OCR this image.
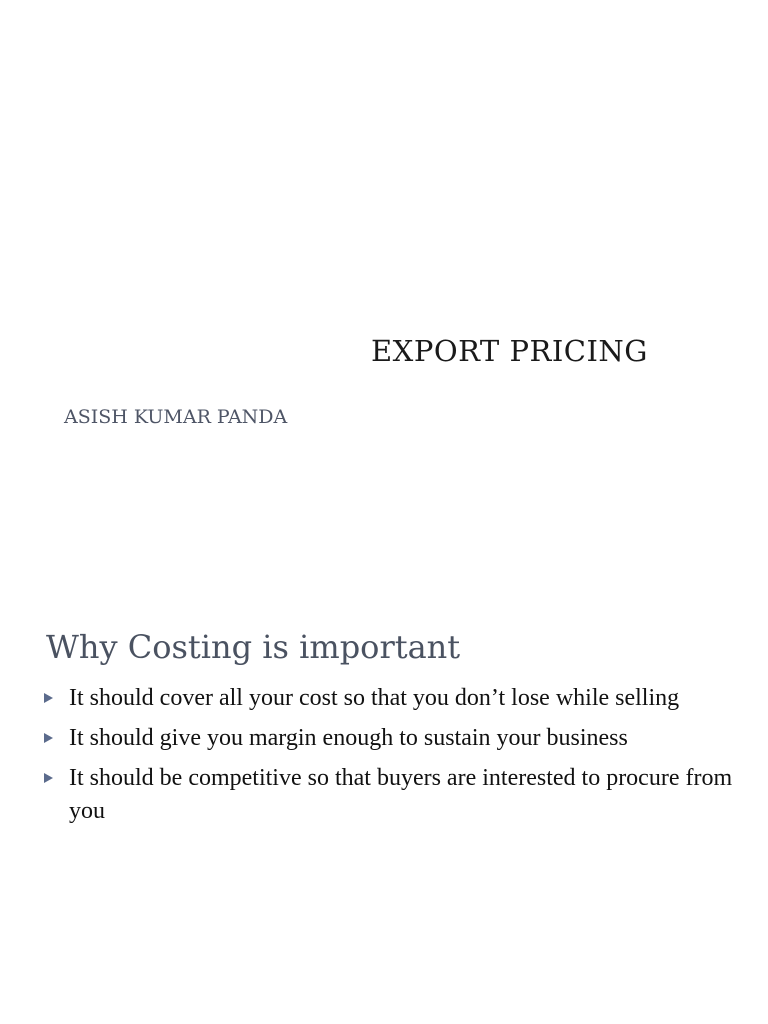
EXPORT PRICING
ASISH KUMAR PANDA
Why Costing is important
It should cover all your cost so that you don’t lose while selling
It should give you margin enough to sustain your business
It should be competitive so that buyers are interested to procure from you
